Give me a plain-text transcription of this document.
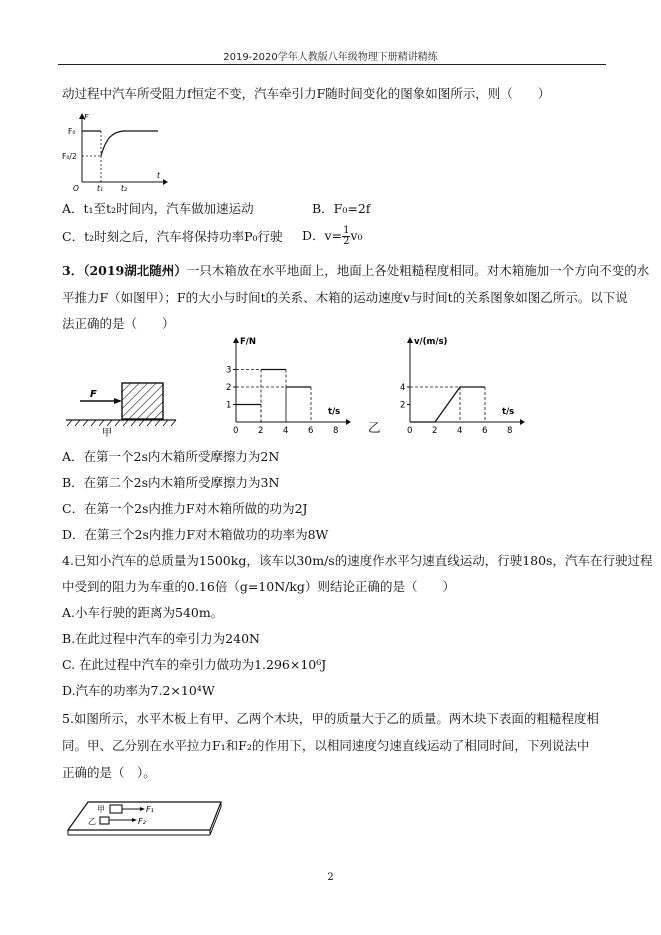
2019-2020学年人教版八年级物理下册精讲精练
动过程中汽车所受阻力f恒定不变，汽车牵引力F随时间变化的图象如图所示，则（　　）
F
F₀
F₀/2
O t₁ t₂
t
A．t₁至t₂时间内，汽车做加速运动	B．F₀=2f
C．t₂时刻之后，汽车将保持功率P₀行驶 D．$v= \frac{1}{2} v_0$
3．（2019湖北随州）一只木箱放在水平地面上，地面上各处粗糙程度相同。对木箱施加一个方向不变的水
平推力F（如图甲）；F的大小与时间t的关系、木箱的运动速度v与时间t的关系图象如图乙所示。以下说
法正确的是（　　）
F
甲
F/N
t/s
0 2 4 6 8
1
2
3
v/(m/s)
t/s
0 2 4 6 8
2
4
乙
A．在第一个2s内木箱所受摩擦力为2N
B．在第二个2s内木箱所受摩擦力为3N
C．在第一个2s内推力F对木箱所做的功为2J
D．在第三个2s内推力F对木箱做功的功率为8W
4.已知小汽车的总质量为1500kg，该车以30m/s的速度作水平匀速直线运动，行驶180s，汽车在行驶过程
中受到的阻力为车重的0.16倍（g=10N/kg）则结论正确的是（　　）
A.小车行驶的距离为540m。
B.在此过程中汽车的牵引力为240N
C. 在此过程中汽车的牵引力做功为1.296×10⁶J
D.汽车的功率为7.2×10⁴W
5.如图所示，水平木板上有甲、乙两个木块，甲的质量大于乙的质量。两木块下表面的粗糙程度相
同。甲、乙分别在水平拉力F₁和F₂的作用下，以相同速度匀速直线运动了相同时间，下列说法中
正确的是（　）。
甲
乙
F₁
F₂
2
